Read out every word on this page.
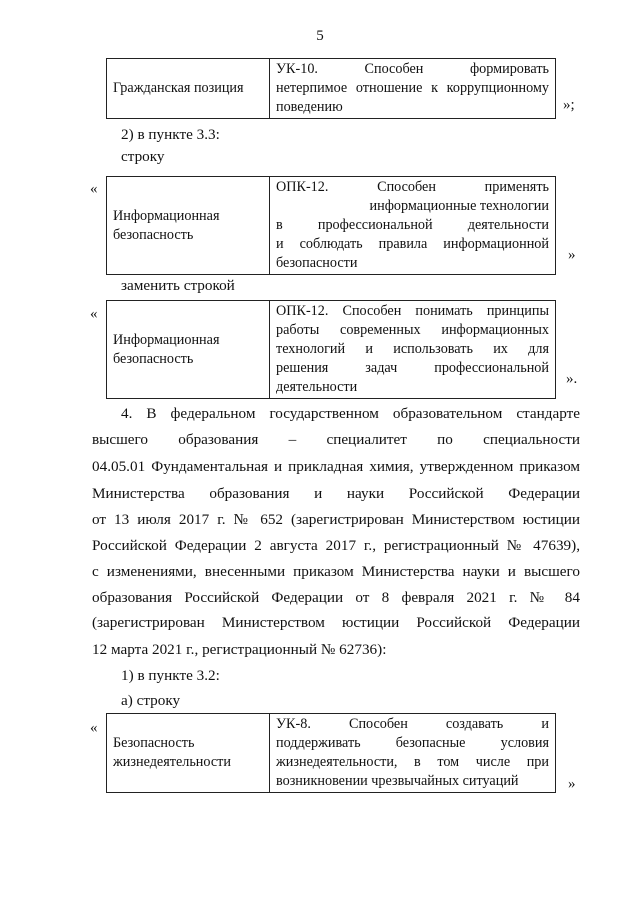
5
Гражданская позиция	
УК-10. Способен формировать
нетерпимое отношение к коррупционному
поведению	»;
2) в пункте 3.3:
строку
«
Информационная
безопасность

ОПК-12. Способен применять
информационные технологии
в профессиональной деятельности
и соблюдать правила информационной
безопасности	»
заменить строкой
«
Информационная
безопасность

ОПК-12. Способен понимать принципы
работы современных информационных
технологий и использовать их для
решения задач профессиональной
деятельности	».
4. В федеральном государственном образовательном стандарте
высшего образования – специалитет по специальности
04.05.01 Фундаментальная и прикладная химия, утвержденном приказом
Министерства образования и науки Российской Федерации
от 13 июля 2017 г. № 652 (зарегистрирован Министерством юстиции
Российской Федерации 2 августа 2017 г., регистрационный № 47639),
с изменениями, внесенными приказом Министерства науки и высшего
образования Российской Федерации от 8 февраля 2021 г. № 84
(зарегистрирован Министерством юстиции Российской Федерации
12 марта 2021 г., регистрационный № 62736):
1) в пункте 3.2:
а) строку
«
Безопасность
жизнедеятельности

УК-8. Способен создавать и
поддерживать безопасные условия
жизнедеятельности, в том числе при
возникновении чрезвычайных ситуаций	»
